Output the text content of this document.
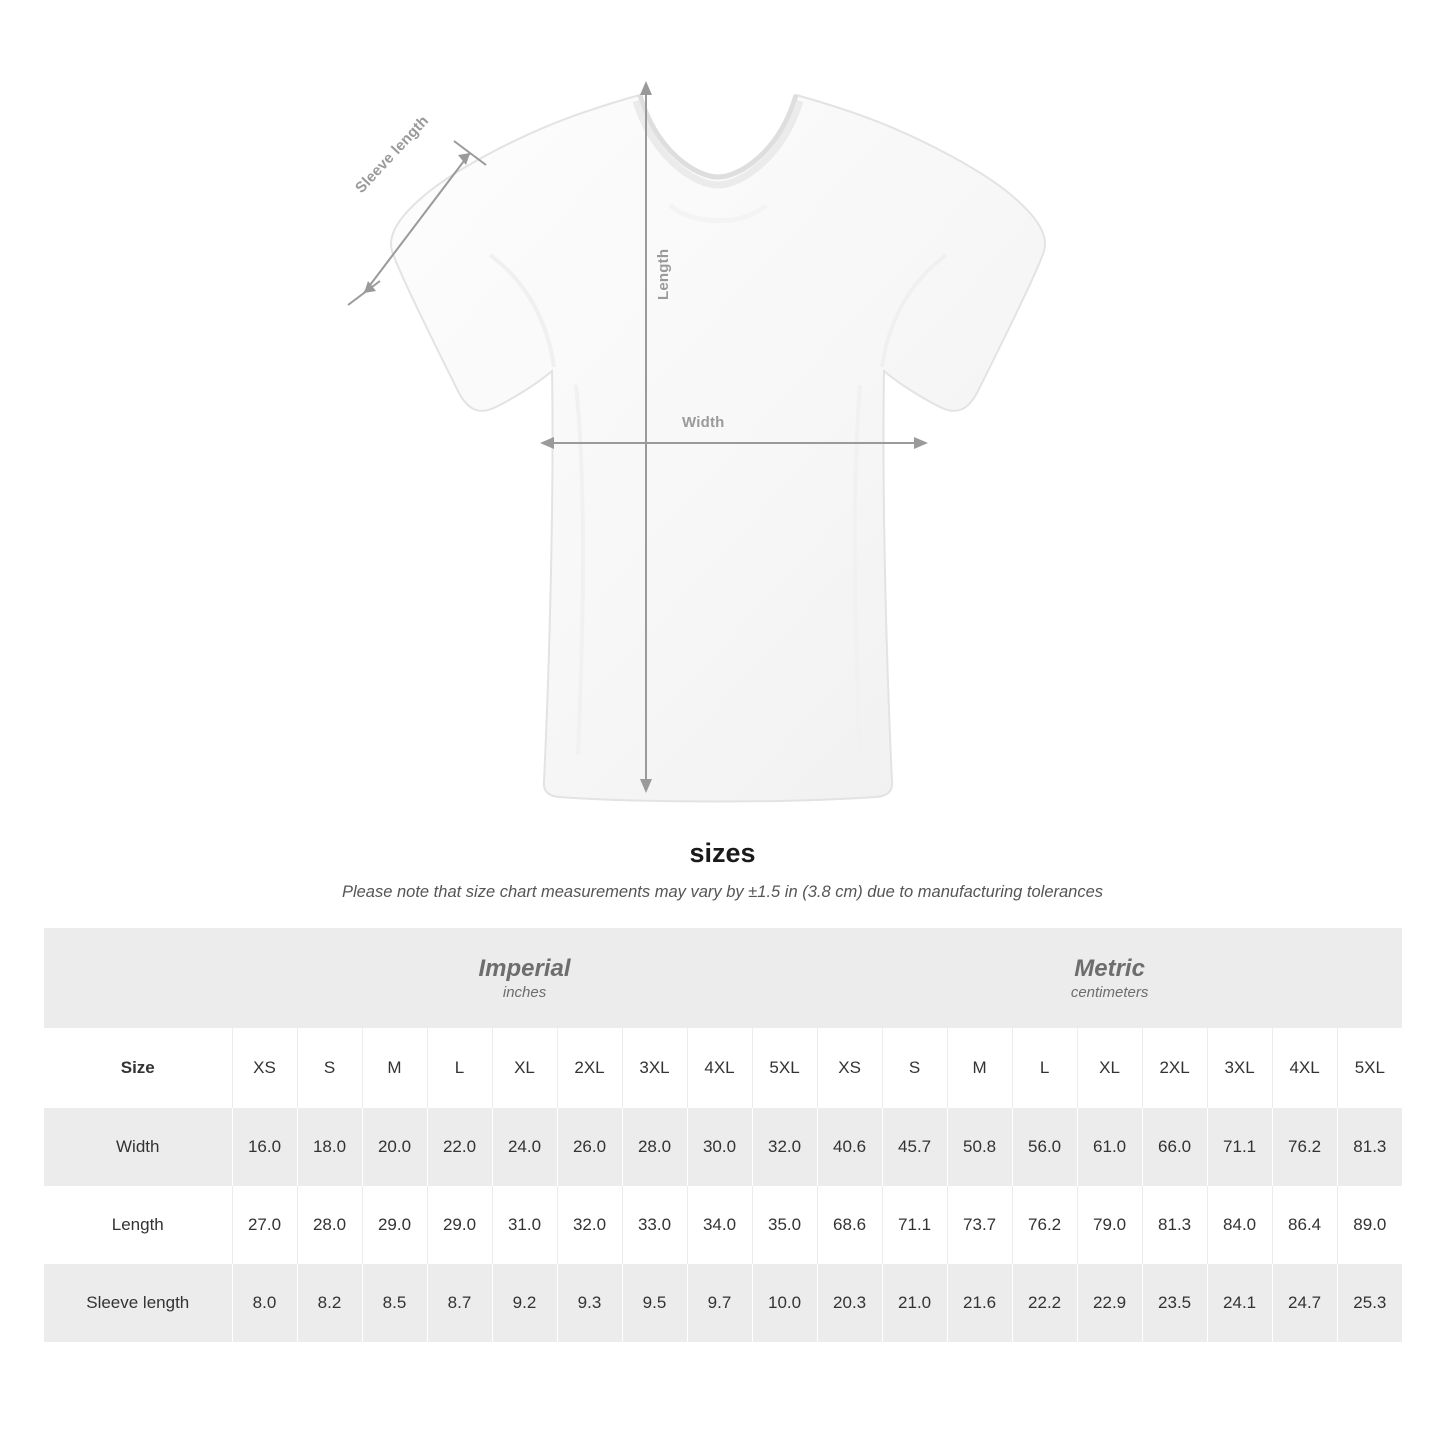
Sleeve length
Length
Width
sizes

Please note that size chart measurements may vary by ±1.5 in (3.8 cm) due to manufacturing tolerances

Imperial
inches

Metric
centimeters

Size	XS	S	M	L	XL	2XL	3XL	4XL	5XL	XS	S	M	L	XL	2XL	3XL	4XL	5XL
Width	16.0	18.0	20.0	22.0	24.0	26.0	28.0	30.0	32.0	40.6	45.7	50.8	56.0	61.0	66.0	71.1	76.2	81.3
Length	27.0	28.0	29.0	29.0	31.0	32.0	33.0	34.0	35.0	68.6	71.1	73.7	76.2	79.0	81.3	84.0	86.4	89.0
Sleeve length	8.0	8.2	8.5	8.7	9.2	9.3	9.5	9.7	10.0	20.3	21.0	21.6	22.2	22.9	23.5	24.1	24.7	25.3
